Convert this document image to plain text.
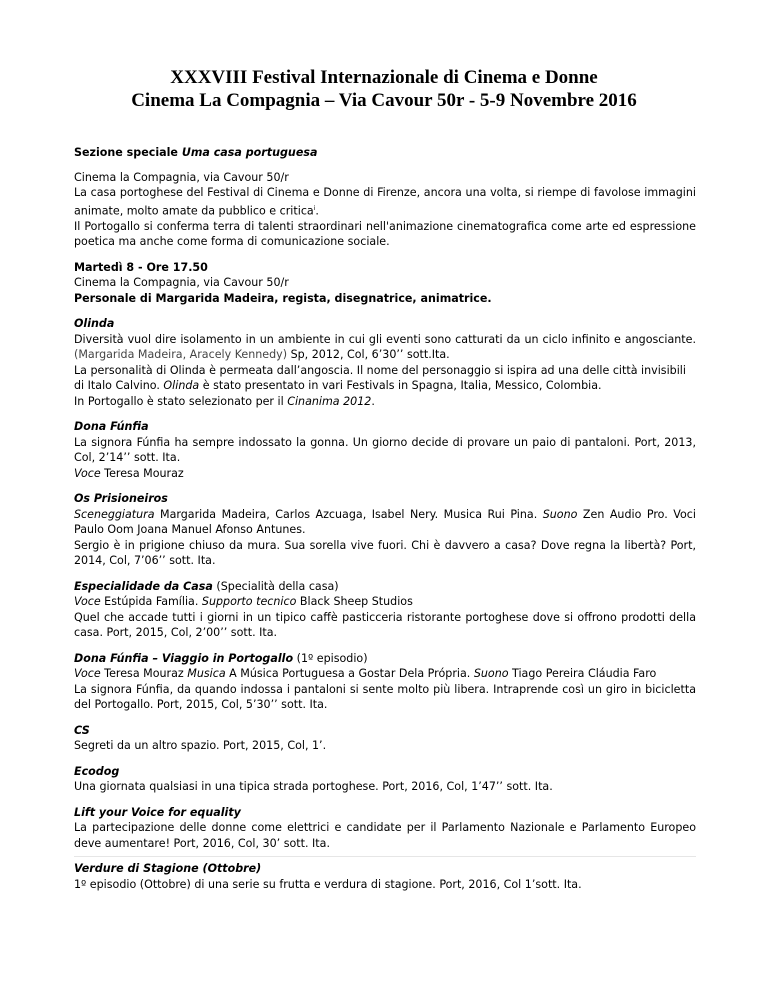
XXXVIII Festival Internazionale di Cinema e Donne
Cinema La Compagnia – Via Cavour 50r - 5-9 Novembre 2016

Sezione speciale Uma casa portuguesa

Cinema la Compagnia, via Cavour 50/r

La casa portoghese del Festival di Cinema e Donne di Firenze, ancora una volta, si riempe di favolose immagini animate, molto amate da pubblico e critica$^i$.

Il Portogallo si conferma terra di talenti straordinari nell'animazione cinematografica come arte ed espressione poetica ma anche come forma di comunicazione sociale.

Martedì 8 - Ore 17.50

Cinema la Compagnia, via Cavour 50/r

Personale di Margarida Madeira, regista, disegnatrice, animatrice.

Olinda

Diversità vuol dire isolamento in un ambiente in cui gli eventi sono catturati da un ciclo infinito e angosciante. (Margarida Madeira, Aracely Kennedy) Sp, 2012, Col, 6’30’’ sott.Ita.

La personalità di Olinda è permeata dall’angoscia. Il nome del personaggio si ispira ad una delle città invisibili di Italo Calvino. Olinda è stato presentato in vari Festivals in Spagna, Italia, Messico, Colombia.

In Portogallo è stato selezionato per il Cinanima 2012.

Dona Fúnfia

La signora Fúnfia ha sempre indossato la gonna. Un giorno decide di provare un paio di pantaloni. Port, 2013, Col, 2’14’’ sott. Ita.

Voce Teresa Mouraz

Os Prisioneiros

Sceneggiatura Margarida Madeira, Carlos Azcuaga, Isabel Nery. Musica Rui Pina. Suono Zen Audio Pro. Voci Paulo Oom Joana Manuel Afonso Antunes.

Sergio è in prigione chiuso da mura. Sua sorella vive fuori. Chi è davvero a casa? Dove regna la libertà? Port, 2014, Col, 7’06’’ sott. Ita.

Especialidade da Casa (Specialità della casa)

Voce Estúpida Família. Supporto tecnico Black Sheep Studios

Quel che accade tutti i giorni in un tipico caffè pasticceria ristorante portoghese dove si offrono prodotti della casa. Port, 2015, Col, 2’00’’ sott. Ita.

Dona Fúnfia – Viaggio in Portogallo (1º episodio)

Voce Teresa Mouraz Musica A Música Portuguesa a Gostar Dela Própria. Suono Tiago Pereira Cláudia Faro

La signora Fúnfia, da quando indossa i pantaloni si sente molto più libera. Intraprende così un giro in bicicletta del Portogallo. Port, 2015, Col, 5’30’’ sott. Ita.

CS

Segreti da un altro spazio. Port, 2015, Col, 1’.

Ecodog

Una giornata qualsiasi in una tipica strada portoghese. Port, 2016, Col, 1’47’’ sott. Ita.

Lift your Voice for equality

La partecipazione delle donne come elettrici e candidate per il Parlamento Nazionale e Parlamento Europeo deve aumentare! Port, 2016, Col, 30’ sott. Ita.

Verdure di Stagione (Ottobre)

1º episodio (Ottobre) di una serie su frutta e verdura di stagione. Port, 2016, Col 1’sott. Ita.
